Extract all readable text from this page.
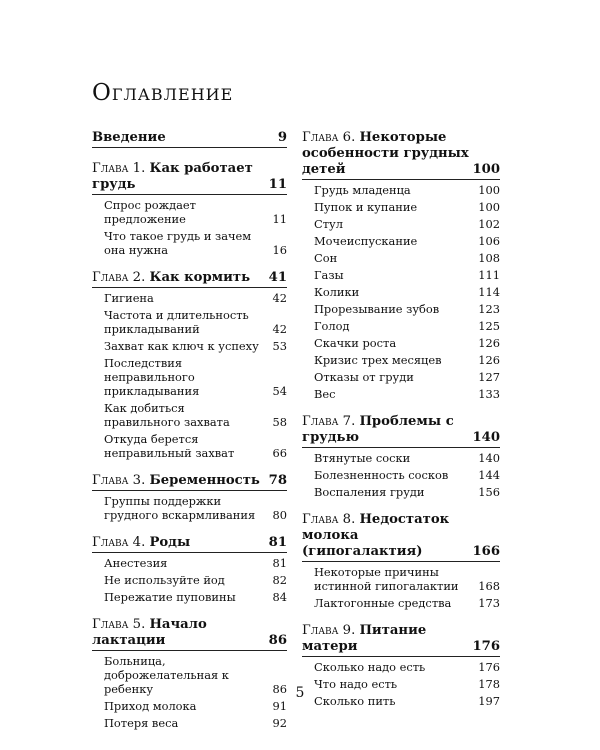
Оглавление
Введение	9
Глава 1. Как работает грудь	11
Спрос рождает предложение	11
Что такое грудь и зачем она нужна	16
Глава 2. Как кормить	41
Гигиена	42
Частота и длительность прикладываний	42
Захват как ключ к успеху	53
Последствия неправильного прикладывания	54
Как добиться правильного захвата	58
Откуда берется неправильный захват	66
Глава 3. Беременность 78
Группы поддержки грудного вскармливания	80
Глава 4. Роды	81
Анестезия	81
Не используйте йод	82
Пережатие пуповины	84
Глава 5. Начало лактации	86
Больница, доброжелательная к ребенку	86
Приход молока	91
Потеря веса	92
Глава 6. Некоторые особенности грудных детей	100
Грудь младенца	100
Пупок и купание	100
Стул	102
Мочеиспускание	106
Сон	108
Газы	111
Колики	114
Прорезывание зубов	123
Голод	125
Скачки роста	126
Кризис трех месяцев	126
Отказы от груди	127
Вес	133
Глава 7. Проблемы с грудью	140
Втянутые соски	140
Болезненность сосков	144
Воспаления груди	156
Глава 8. Недостаток молока (гипогалактия)	166
Некоторые причины истинной гипогалактии	168
Лактогонные средства	173
Глава 9. Питание матери	176
Сколько надо есть	176
Что надо есть	178
Сколько пить	197
5
